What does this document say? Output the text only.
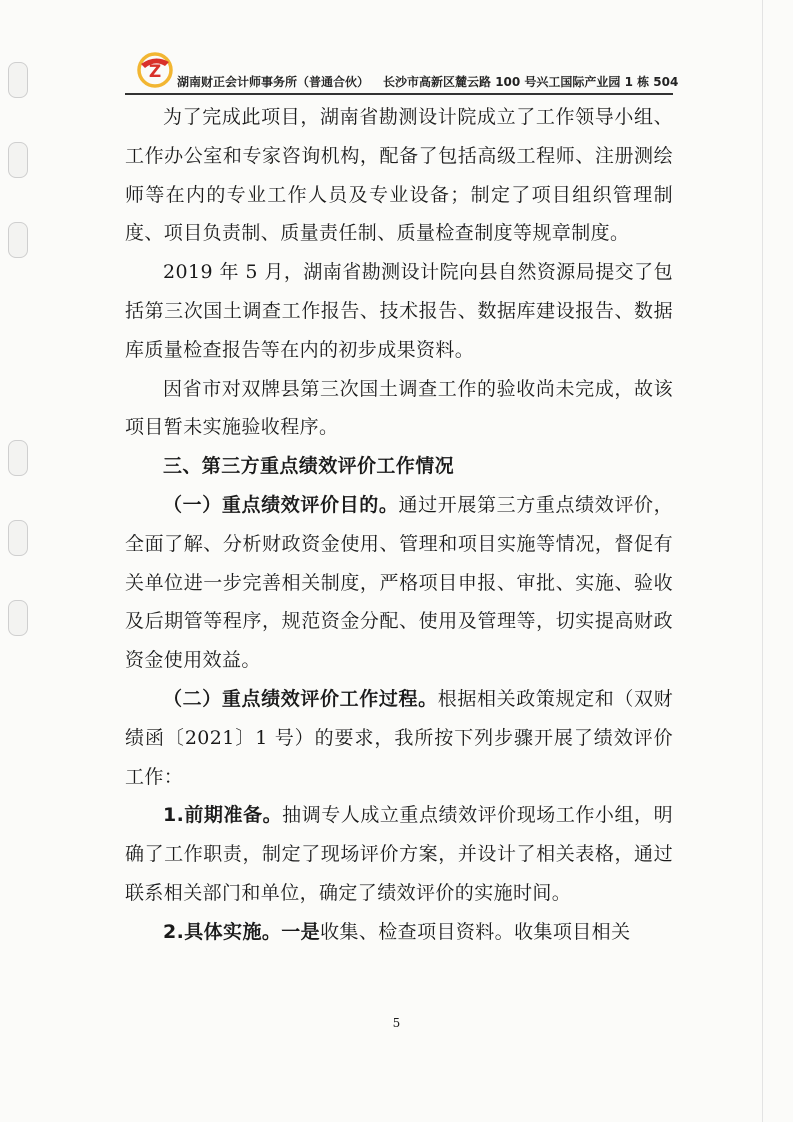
Z 湖南财正会计师事务所（普通合伙） 长沙市高新区麓云路 100 号兴工国际产业园 1 栋 504

为了完成此项目，湖南省勘测设计院成立了工作领导小组、工作办公室和专家咨询机构，配备了包括高级工程师、注册测绘师等在内的专业工作人员及专业设备；制定了项目组织管理制度、项目负责制、质量责任制、质量检查制度等规章制度。

2019 年 5 月，湖南省勘测设计院向县自然资源局提交了包括第三次国土调查工作报告、技术报告、数据库建设报告、数据库质量检查报告等在内的初步成果资料。

因省市对双牌县第三次国土调查工作的验收尚未完成，故该项目暂未实施验收程序。

三、第三方重点绩效评价工作情况

（一）重点绩效评价目的。通过开展第三方重点绩效评价，全面了解、分析财政资金使用、管理和项目实施等情况，督促有关单位进一步完善相关制度，严格项目申报、审批、实施、验收及后期管等程序，规范资金分配、使用及管理等，切实提高财政资金使用效益。

（二）重点绩效评价工作过程。根据相关政策规定和（双财绩函〔2021〕1 号）的要求，我所按下列步骤开展了绩效评价工作：

1.前期准备。抽调专人成立重点绩效评价现场工作小组，明确了工作职责，制定了现场评价方案，并设计了相关表格，通过联系相关部门和单位，确定了绩效评价的实施时间。

2.具体实施。一是收集、检查项目资料。收集项目相关

5
